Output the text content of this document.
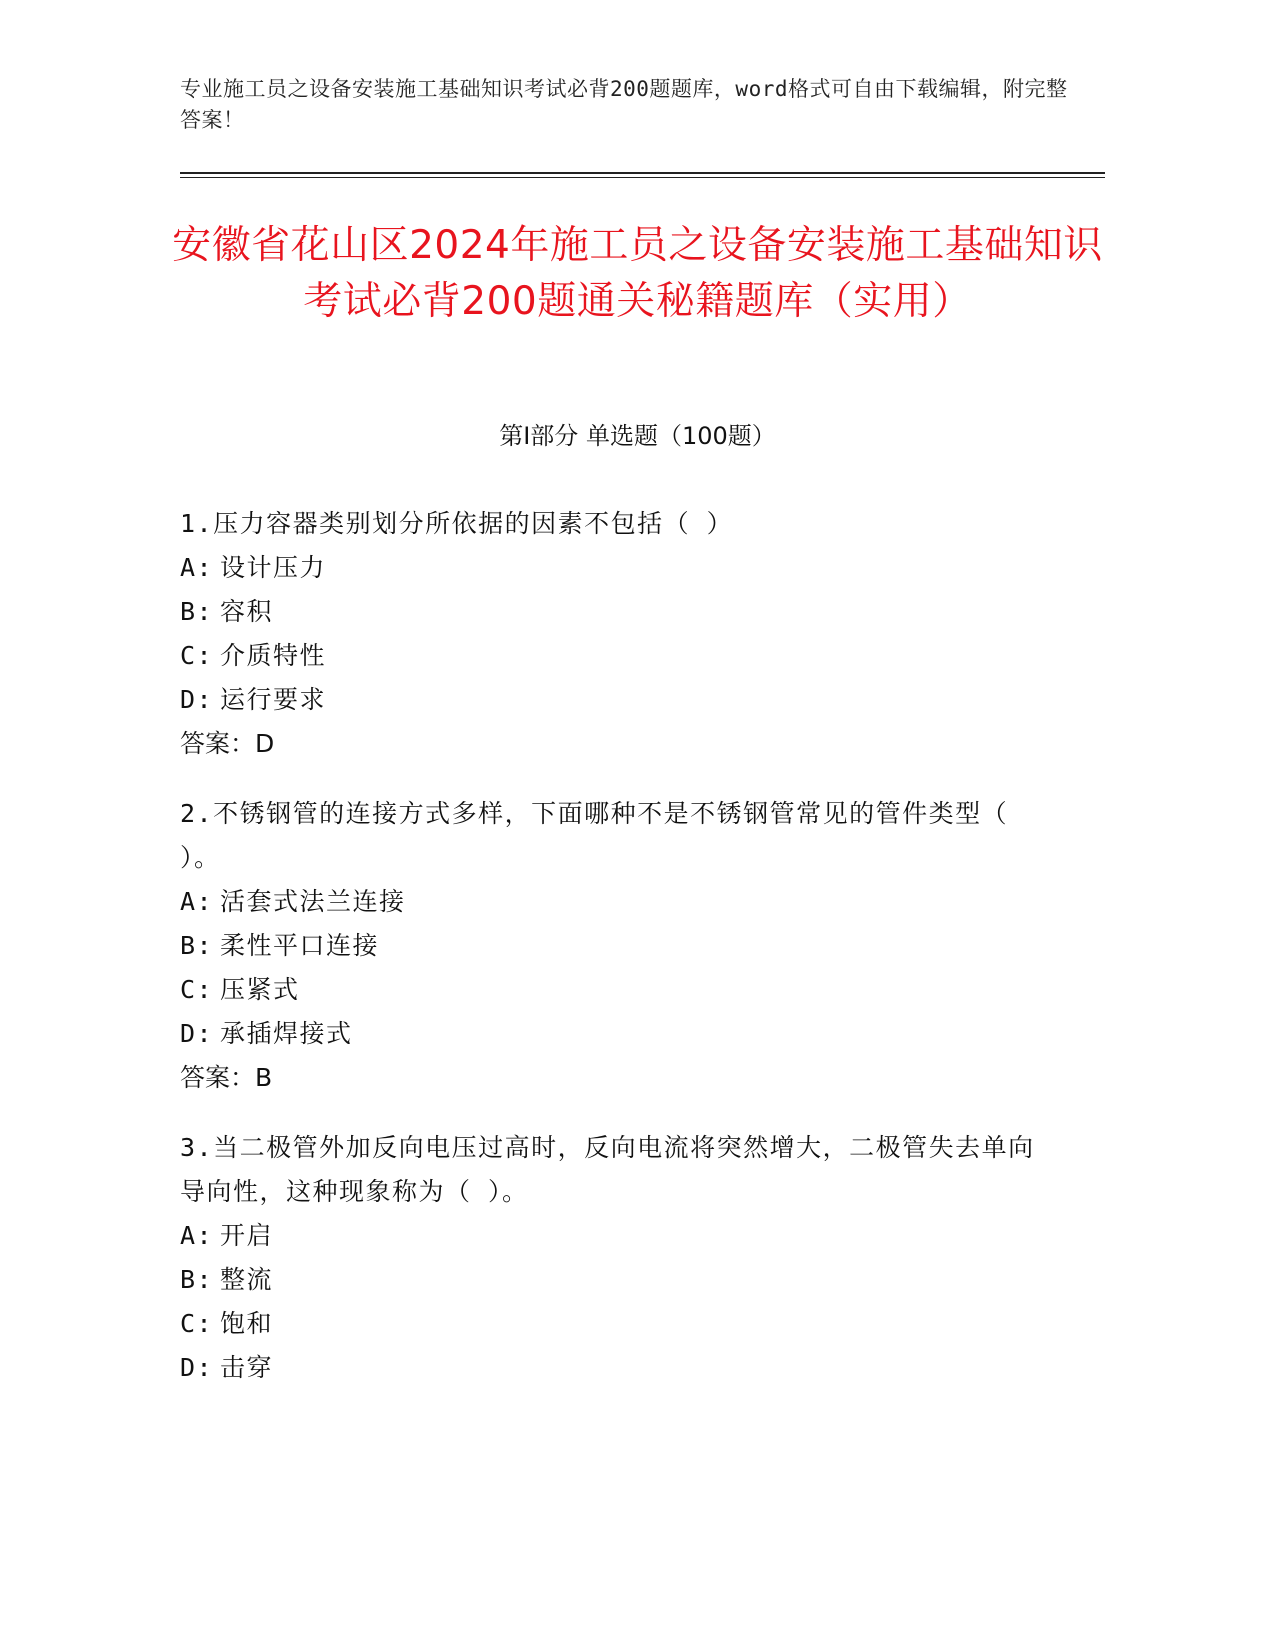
专业施工员之设备安装施工基础知识考试必背200题题库，word格式可自由下载编辑，附完整答案！
安徽省花山区2024年施工员之设备安装施工基础知识考试必背200题通关秘籍题库（实用）
第I部分 单选题（100题）
1.压力容器类别划分所依据的因素不包括（ ）
A: 设计压力
B: 容积
C: 介质特性
D: 运行要求
答案：D
2.不锈钢管的连接方式多样，下面哪种不是不锈钢管常见的管件类型（ ）。
A: 活套式法兰连接
B: 柔性平口连接
C: 压紧式
D: 承插焊接式
答案：B
3.当二极管外加反向电压过高时，反向电流将突然增大，二极管失去单向导向性，这种现象称为（ ）。
A: 开启
B: 整流
C: 饱和
D: 击穿
